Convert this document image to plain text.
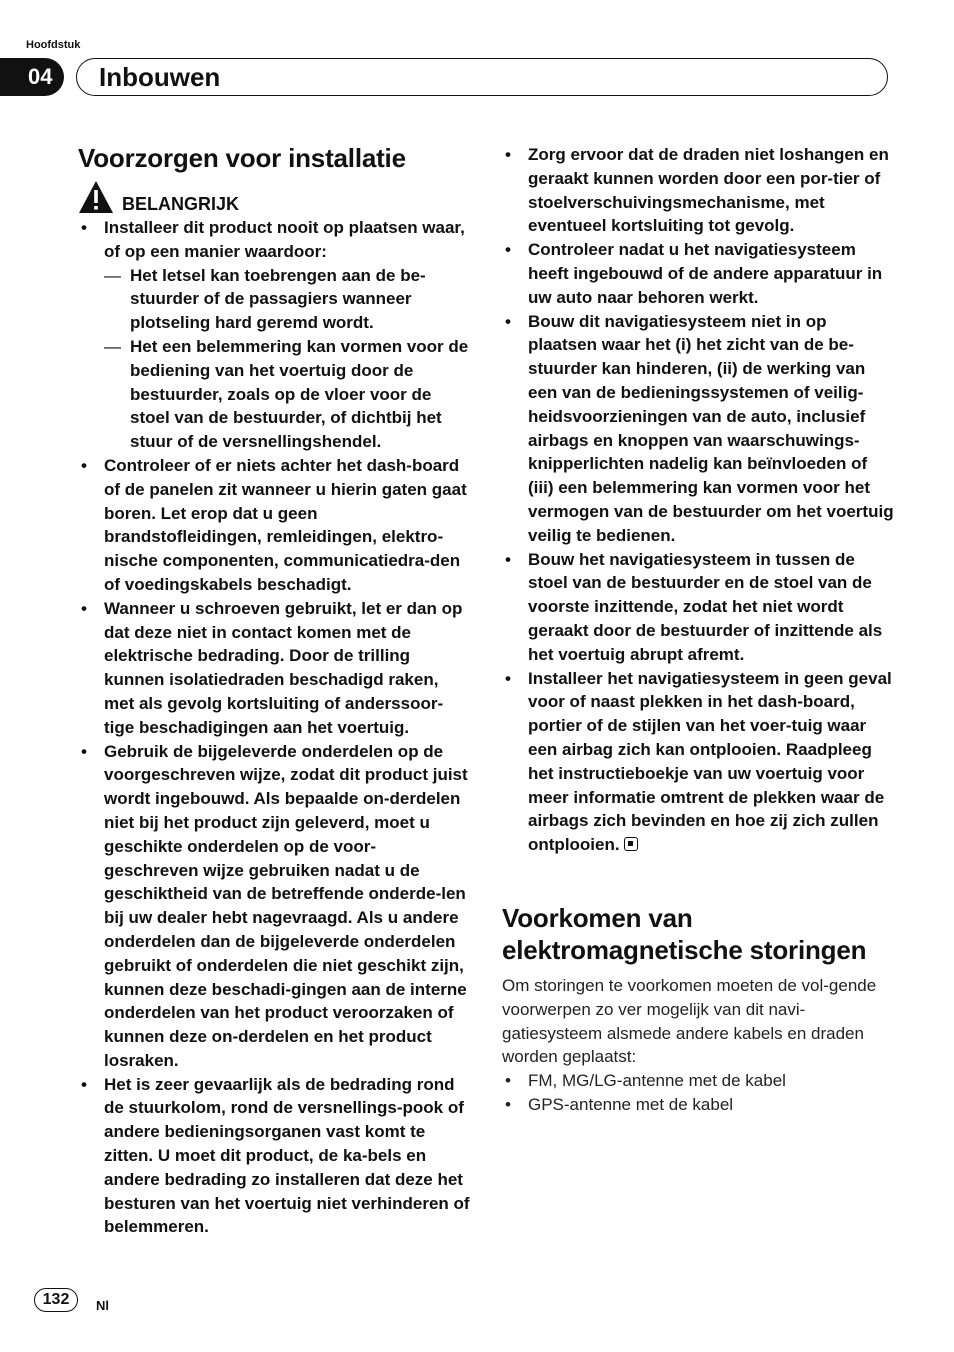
Hoofdstuk
04	Inbouwen
Voorzorgen voor installatie
BELANGRIJK
• Installeer dit product nooit op plaatsen waar, of op een manier waardoor:
— Het letsel kan toebrengen aan de be-stuurder of de passagiers wanneer plotseling hard geremd wordt.
— Het een belemmering kan vormen voor de bediening van het voertuig door de bestuurder, zoals op de vloer voor de stoel van de bestuurder, of dichtbij het stuur of de versnellingshendel.
• Controleer of er niets achter het dash-board of de panelen zit wanneer u hierin gaten gaat boren. Let erop dat u geen brandstofleidingen, remleidingen, elektro-nische componenten, communicatiedra-den of voedingskabels beschadigt.
• Wanneer u schroeven gebruikt, let er dan op dat deze niet in contact komen met de elektrische bedrading. Door de trilling kunnen isolatiedraden beschadigd raken, met als gevolg kortsluiting of anderssoor-tige beschadigingen aan het voertuig.
• Gebruik de bijgeleverde onderdelen op de voorgeschreven wijze, zodat dit product juist wordt ingebouwd. Als bepaalde on-derdelen niet bij het product zijn geleverd, moet u geschikte onderdelen op de voor-geschreven wijze gebruiken nadat u de geschiktheid van de betreffende onderde-len bij uw dealer hebt nagevraagd. Als u andere onderdelen dan de bijgeleverde onderdelen gebruikt of onderdelen die niet geschikt zijn, kunnen deze beschadi-gingen aan de interne onderdelen van het product veroorzaken of kunnen deze on-derdelen en het product losraken.
• Het is zeer gevaarlijk als de bedrading rond de stuurkolom, rond de versnellings-pook of andere bedieningsorganen vast komt te zitten. U moet dit product, de ka-bels en andere bedrading zo installeren dat deze het besturen van het voertuig niet verhinderen of belemmeren.
• Zorg ervoor dat de draden niet loshangen en geraakt kunnen worden door een por-tier of stoelverschuivingsmechanisme, met eventueel kortsluiting tot gevolg.
• Controleer nadat u het navigatiesysteem heeft ingebouwd of de andere apparatuur in uw auto naar behoren werkt.
• Bouw dit navigatiesysteem niet in op plaatsen waar het (i) het zicht van de be-stuurder kan hinderen, (ii) de werking van een van de bedieningssystemen of veilig-heidsvoorzieningen van de auto, inclusief airbags en knoppen van waarschuwings-knipperlichten nadelig kan beïnvloeden of (iii) een belemmering kan vormen voor het vermogen van de bestuurder om het voertuig veilig te bedienen.
• Bouw het navigatiesysteem in tussen de stoel van de bestuurder en de stoel van de voorste inzittende, zodat het niet wordt geraakt door de bestuurder of inzittende als het voertuig abrupt afremt.
• Installeer het navigatiesysteem in geen geval voor of naast plekken in het dash-board, portier of de stijlen van het voer-tuig waar een airbag zich kan ontplooien. Raadpleeg het instructieboekje van uw voertuig voor meer informatie omtrent de plekken waar de airbags zich bevinden en hoe zij zich zullen ontplooien.
Voorkomen van
elektromagnetische storingen
Om storingen te voorkomen moeten de vol-gende voorwerpen zo ver mogelijk van dit navi-gatiesysteem alsmede andere kabels en draden worden geplaatst:
• FM, MG/LG-antenne met de kabel
• GPS-antenne met de kabel
132	Nl
